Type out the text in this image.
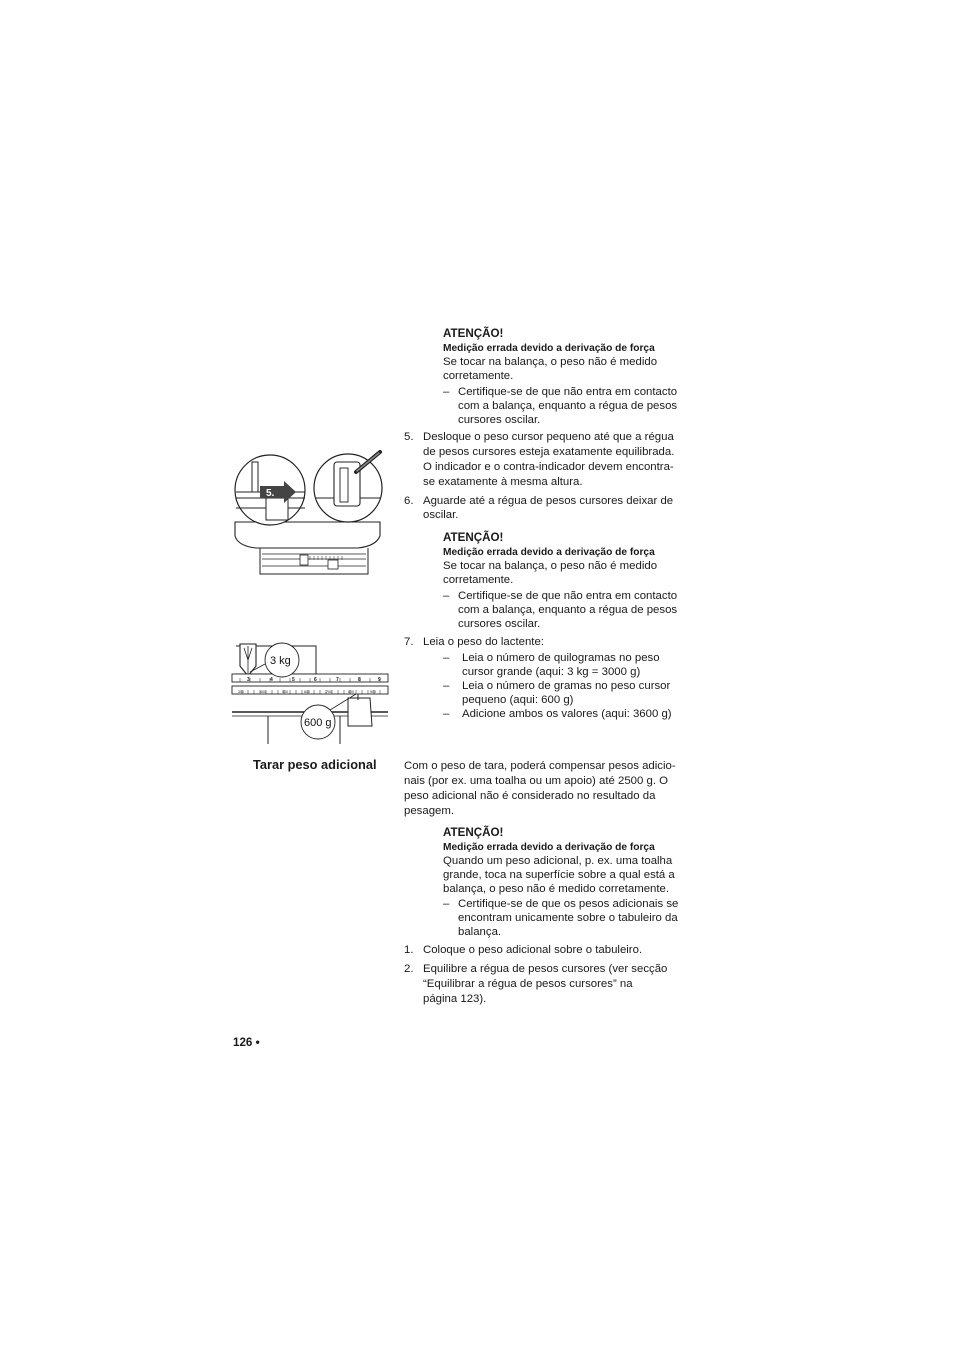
ATENÇÃO!
Medição errada devido a derivação de força
Se tocar na balança, o peso não é medido
corretamente.
– Certifique-se de que não entra em contacto
com a balança, enquanto a régua de pesos
cursores oscilar.
5. Desloque o peso cursor pequeno até que a régua
de pesos cursores esteja exatamente equilibrada.
O indicador e o contra-indicador devem encontra-
se exatamente à mesma altura.
6. Aguarde até a régua de pesos cursores deixar de
oscilar.
ATENÇÃO!
Medição errada devido a derivação de força
Se tocar na balança, o peso não é medido
corretamente.
– Certifique-se de que não entra em contacto
com a balança, enquanto a régua de pesos
cursores oscilar.
7. Leia o peso do lactente:
– Leia o número de quilogramas no peso
cursor grande (aqui: 3 kg = 3000 g)
– Leia o número de gramas no peso cursor
pequeno (aqui: 600 g)
– Adicione ambos os valores (aqui: 3600 g)
Tarar peso adicional Com o peso de tara, poderá compensar pesos adicio-
nais (por ex. uma toalha ou um apoio) até 2500 g. O
peso adicional não é considerado no resultado da
pesagem.
ATENÇÃO!
Medição errada devido a derivação de força
Quando um peso adicional, p. ex. uma toalha
grande, toca na superfície sobre a qual está a
balança, o peso não é medido corretamente.
– Certifique-se de que os pesos adicionais se
encontram unicamente sobre o tabuleiro da
balança.
1. Coloque o peso adicional sobre o tabuleiro.
2. Equilibre a régua de pesos cursores (ver secção
“Equilibrar a régua de pesos cursores” na
página 123).
126 •
5.
3	4	5	6	7	8	9
300	400	500	600	700	800	900
3 kg
600 g
